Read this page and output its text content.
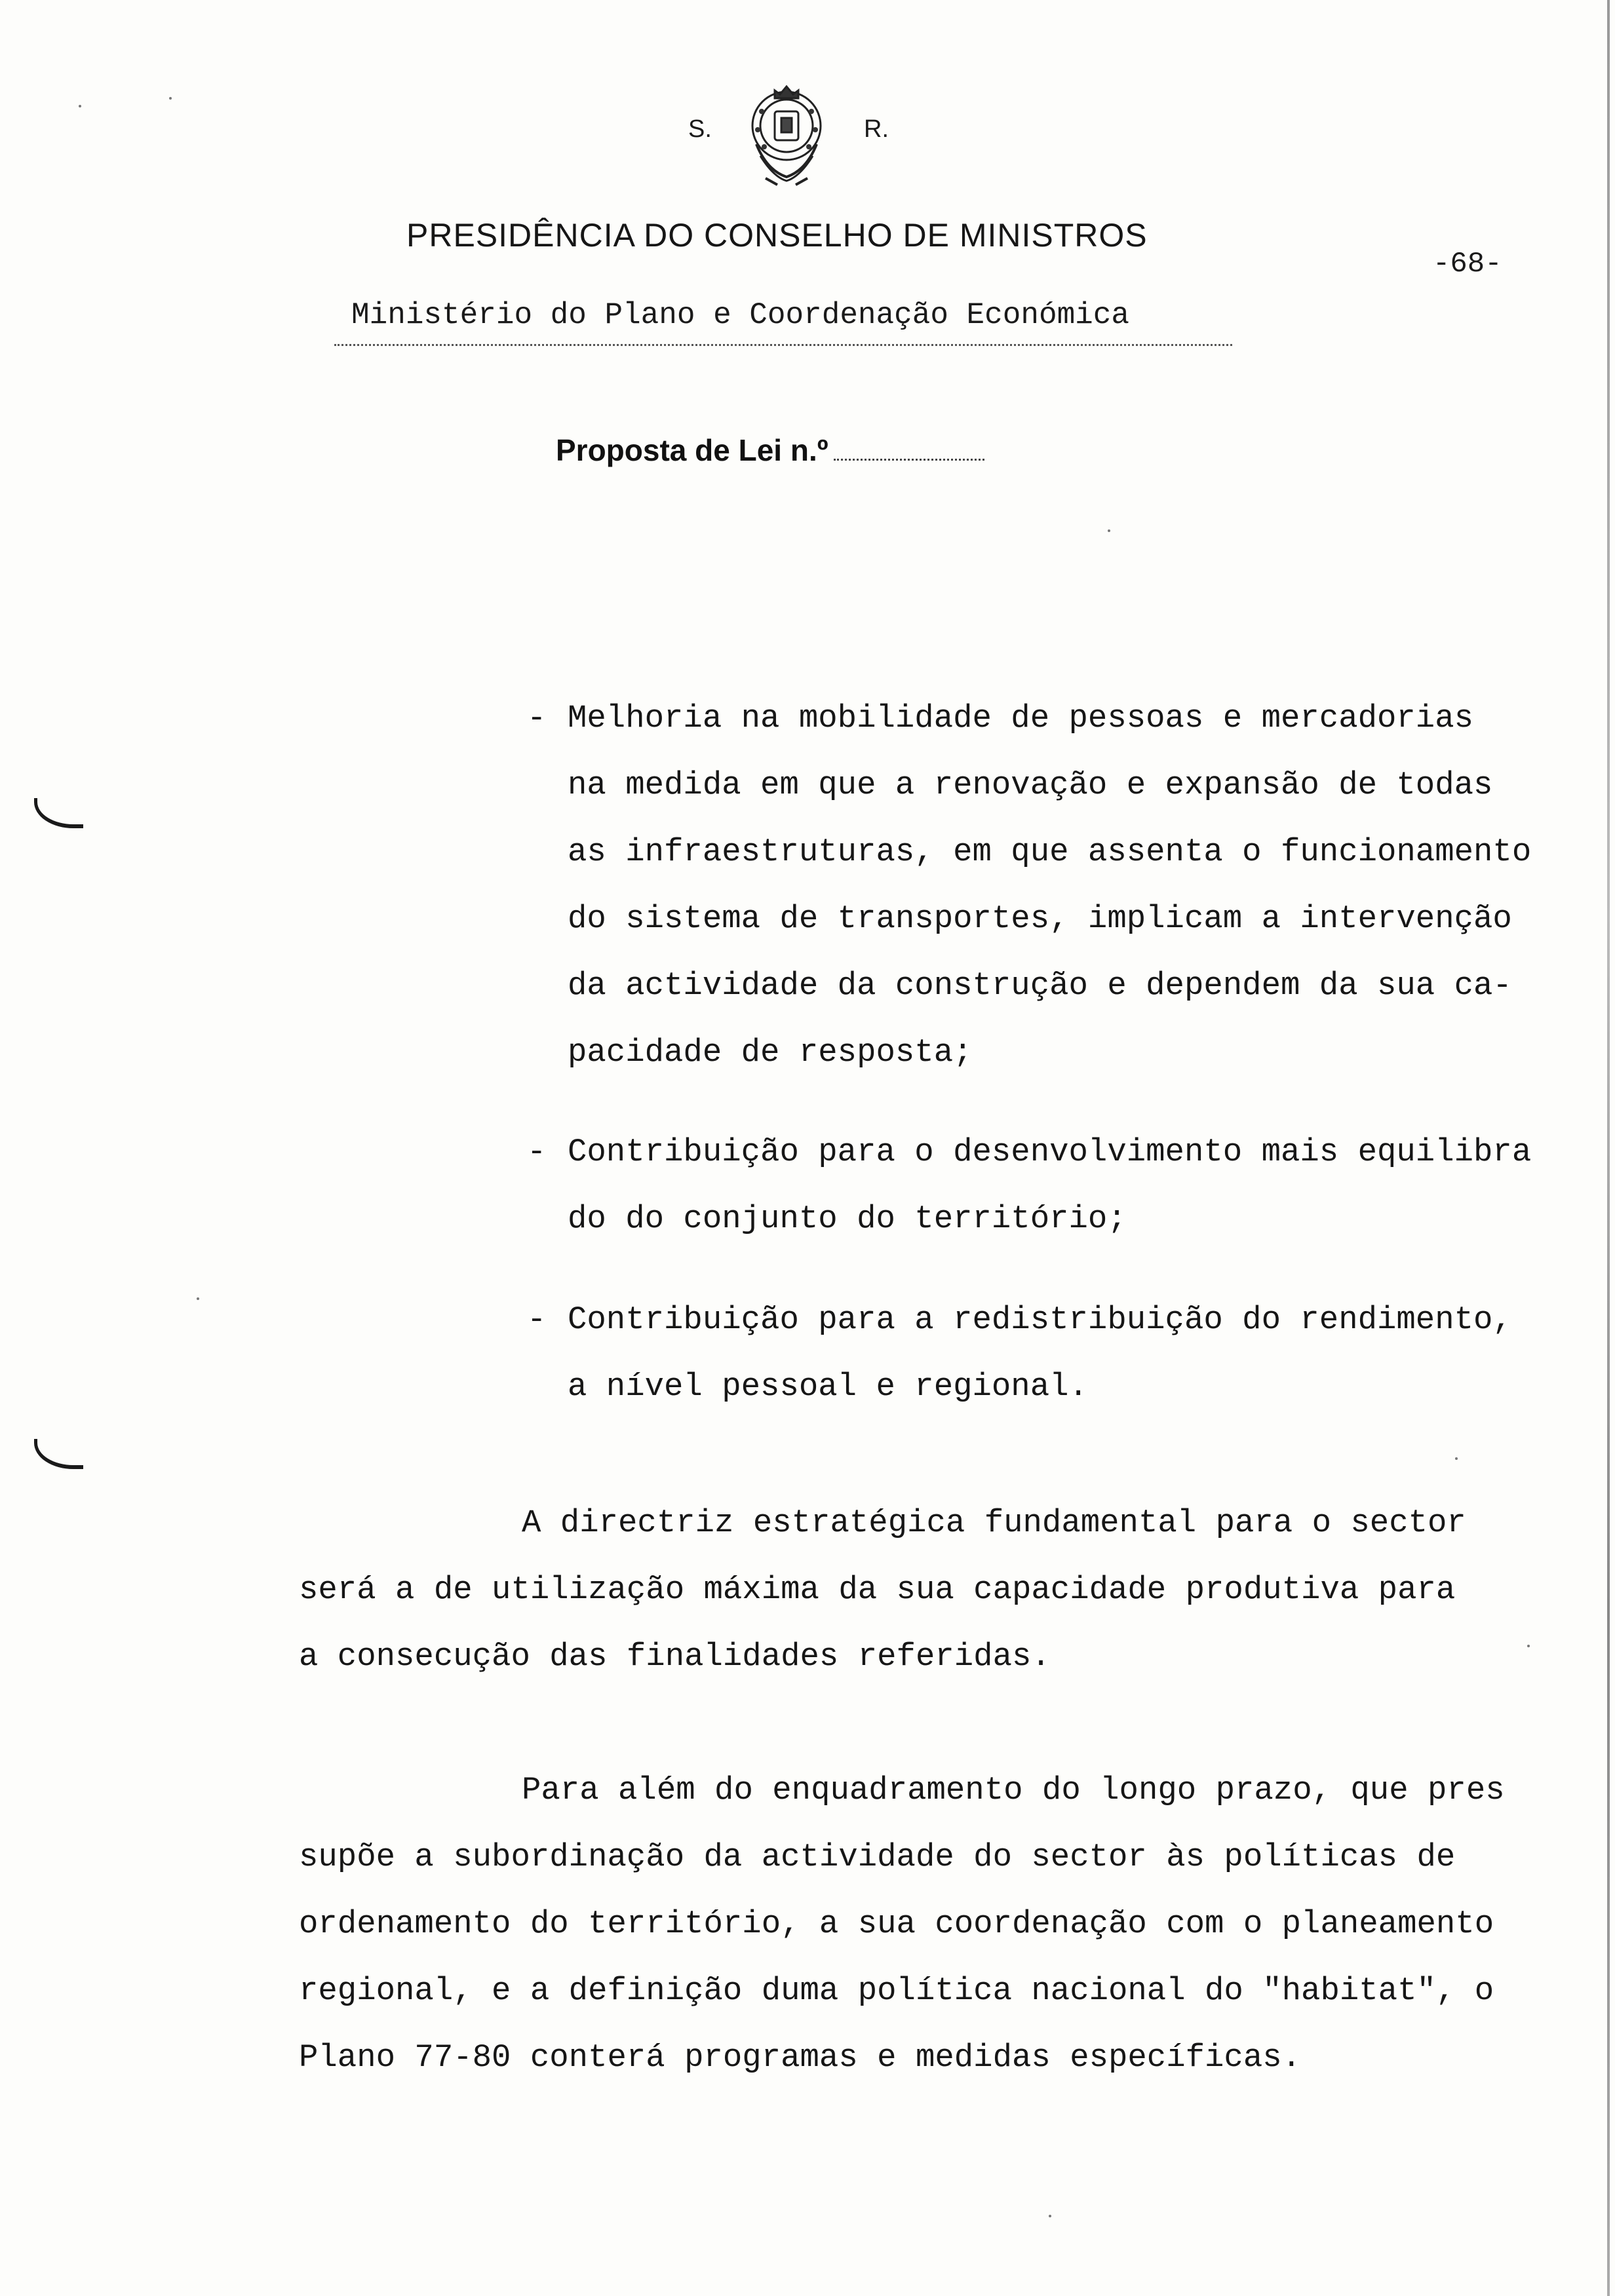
S.	R.
PRESIDÊNCIA DO CONSELHO DE MINISTROS
-68-
Ministério do Plano e Coordenação Económica
Proposta de Lei n.º
- Melhoria na mobilidade de pessoas e mercadorias
na medida em que a renovação e expansão de todas
as infraestruturas, em que assenta o funcionamento
do sistema de transportes, implicam a intervenção
da actividade da construção e dependem da sua ca-
pacidade de resposta;
- Contribuição para o desenvolvimento mais equilibra
do do conjunto do território;
- Contribuição para a redistribuição do rendimento,
a nível pessoal e regional.
A directriz estratégica fundamental para o sector
será a de utilização máxima da sua capacidade produtiva para
a consecução das finalidades referidas.
Para além do enquadramento do longo prazo, que pres
supõe a subordinação da actividade do sector às políticas de
ordenamento do território, a sua coordenação com o planeamento
regional, e a definição duma política nacional do "habitat", o
Plano 77-80 conterá programas e medidas específicas.
